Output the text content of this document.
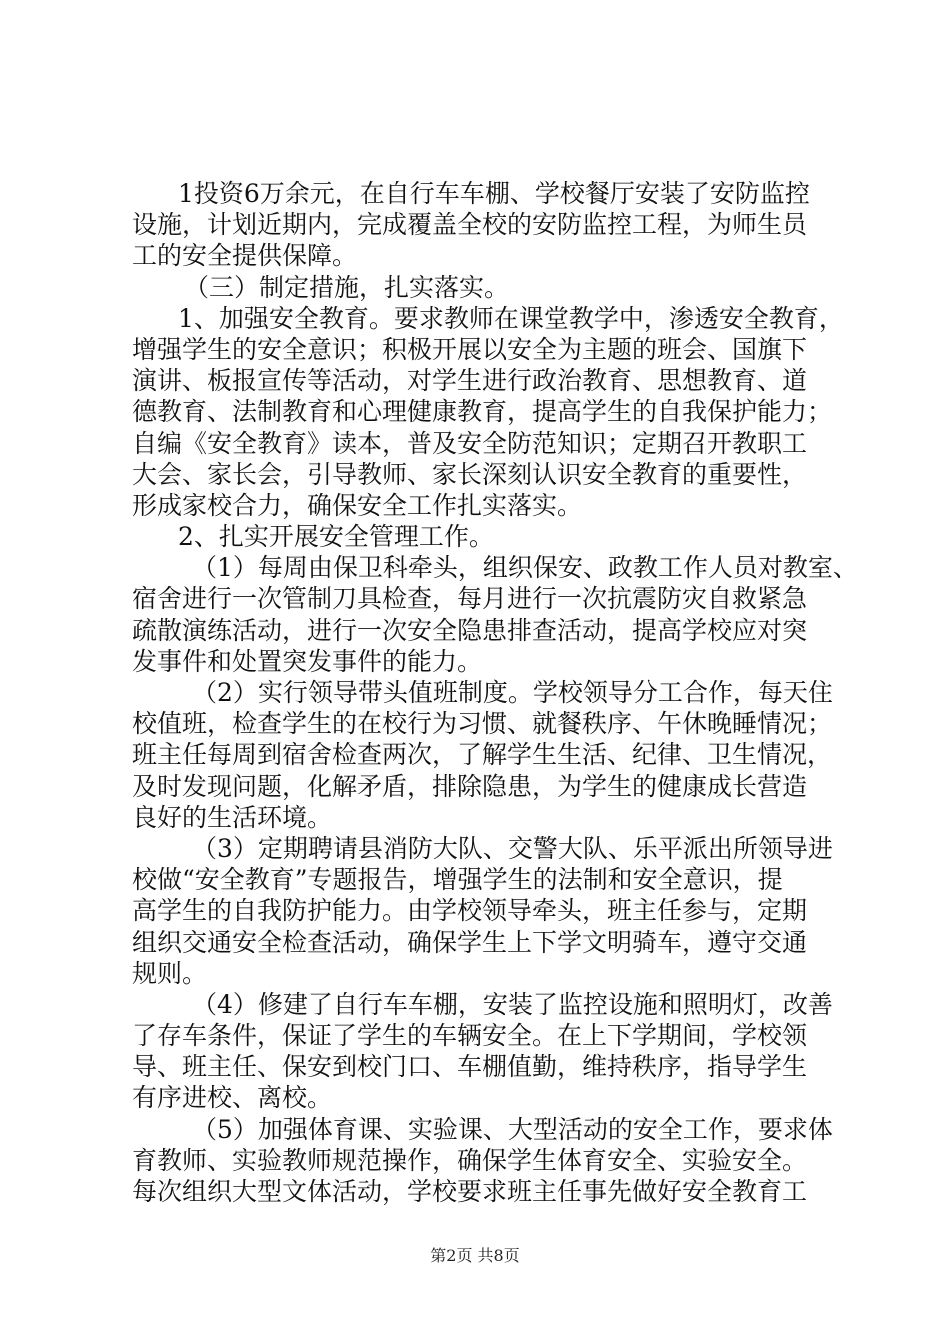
1投资6万余元，在自行车车棚、学校餐厅安装了安防监控
设施，计划近期内，完成覆盖全校的安防监控工程，为师生员
工的安全提供保障。
（三）制定措施，扎实落实。
1、加强安全教育。要求教师在课堂教学中，渗透安全教育，
增强学生的安全意识；积极开展以安全为主题的班会、国旗下
演讲、板报宣传等活动，对学生进行政治教育、思想教育、道
德教育、法制教育和心理健康教育，提高学生的自我保护能力；
自编《安全教育》读本，普及安全防范知识；定期召开教职工
大会、家长会，引导教师、家长深刻认识安全教育的重要性，
形成家校合力，确保安全工作扎实落实。
2、扎实开展安全管理工作。
（1）每周由保卫科牵头，组织保安、政教工作人员对教室、
宿舍进行一次管制刀具检查，每月进行一次抗震防灾自救紧急
疏散演练活动，进行一次安全隐患排查活动，提高学校应对突
发事件和处置突发事件的能力。
（2）实行领导带头值班制度。学校领导分工合作，每天住
校值班，检查学生的在校行为习惯、就餐秩序、午休晚睡情况；
班主任每周到宿舍检查两次，了解学生生活、纪律、卫生情况，
及时发现问题，化解矛盾，排除隐患，为学生的健康成长营造
良好的生活环境。
（3）定期聘请县消防大队、交警大队、乐平派出所领导进
校做“安全教育”专题报告，增强学生的法制和安全意识，提
高学生的自我防护能力。由学校领导牵头，班主任参与，定期
组织交通安全检查活动，确保学生上下学文明骑车，遵守交通
规则。
（4）修建了自行车车棚，安装了监控设施和照明灯，改善
了存车条件，保证了学生的车辆安全。在上下学期间，学校领
导、班主任、保安到校门口、车棚值勤，维持秩序，指导学生
有序进校、离校。
（5）加强体育课、实验课、大型活动的安全工作，要求体
育教师、实验教师规范操作，确保学生体育安全、实验安全。
每次组织大型文体活动，学校要求班主任事先做好安全教育工
第2页 共8页
